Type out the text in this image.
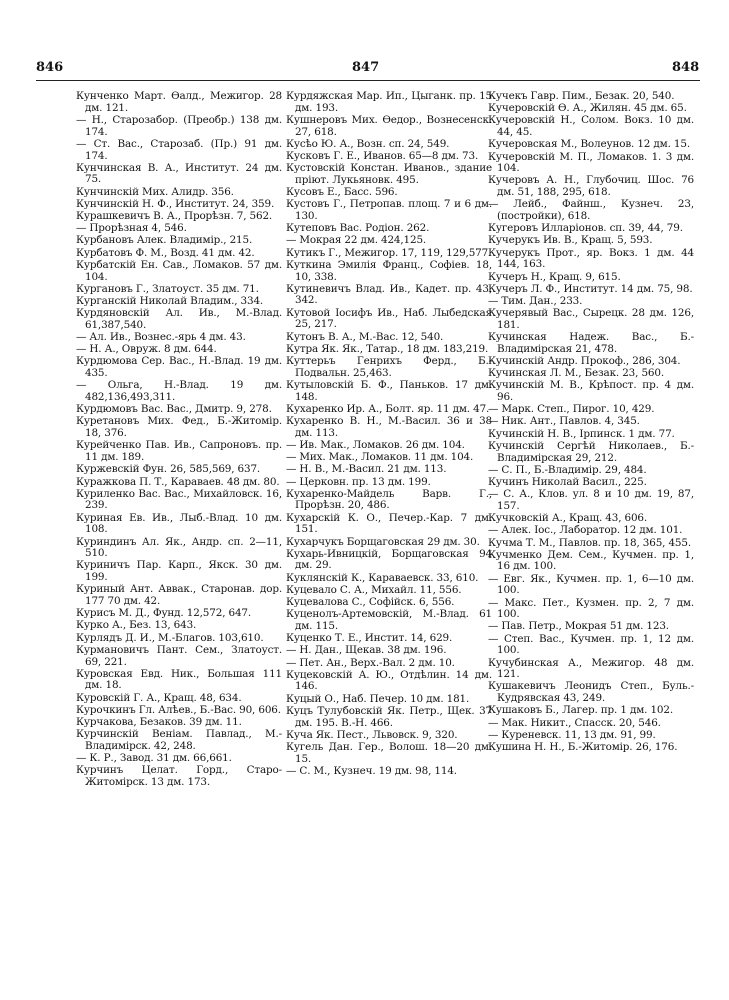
846	847	848
Кунченко Март. Өалд., Межигор. 28 дм. 121.
— Н., Старозабор. (Преобр.) 138 дм. 174.
— Ст. Вас., Старозаб. (Пр.) 91 дм. 174.
Кунчинская В. А., Институт. 24 дм. 75.
Кунчинскій Мих. Алидр. 356.
Кунчинскій Н. Ф., Институт. 24, 359.
Курашкевичъ В. А., Прорѣзн. 7, 562.
— Прорѣзная 4, 546.
Курбановъ Алек. Владимір., 215.
Курбатовъ Ф. М., Возд. 41 дм. 42.
Курбатскій Ен. Сав., Ломаков. 57 дм. 104.
Кургановъ Г., Златоуст. 35 дм. 71.
Курганскій Николай Владим., 334.
Курдяновскій Ал. Ив., М.-Влад. 61,387,540.
— Ал. Ив., Вознес.-ярь 4 дм. 43.
— Н. А., Овруж. 8 дм. 644.
Курдюмова Сер. Вас., Н.-Влад. 19 дм. 435.
— Ольга, Н.-Влад. 19 дм. 482,136,493,311.
Курдюмовъ Вас. Вас., Дмитр. 9, 278.
Куретановъ Мих. Фед., Б.-Житомір. 18, 376.
Курейченко Пав. Ив., Сапроновъ. пр. 11 дм. 189.
Куржевскій Фун. 26, 585,569, 637.
Куражкова П. Т., Караваев. 48 дм. 80.
Куриленко Вас. Вас., Михайловск. 16, 239.
Куриная Ев. Ив., Лыб.-Влад. 10 дм. 108.
Куриндинъ Ал. Як., Андр. сп. 2—11, 510.
Куриничъ Пар. Карп., Якск. 30 дм. 199.
Куриный Ант. Аввак., Старонав. дор. 177 70 дм. 42.
Курисъ М. Д., Фунд. 12,572, 647.
Курко А., Без. 13, 643.
Курлядъ Д. И., М.-Благов. 103,610.
Курмановичъ Пант. Сем., Златоуст. 69, 221.
Куровская Евд. Ник., Большая 111 дм. 18.
Куровскій Г. А., Кращ. 48, 634.
Курочкинъ Гл. Алѣев., Б.-Вас. 90, 606.
Курчакова, Безаков. 39 дм. 11.
Курчинскій Венiам. Павлад., М.-Владимірск. 42, 248.
— К. Р., Завод. 31 дм. 66,661.
Курчинъ Целат. Горд., Старо-Житомірск. 13 дм. 173.
Курдяжская Мар. Ип., Цыганк. пр. 15 дм. 193.
Кушнеровъ Мих. Өедор., Вознесенск. 27, 618.
Кусѣо Ю. А., Возн. сп. 24, 549.
Кусковъ Г. Е., Иванов. 65—8 дм. 73.
Кустовскій Констан. Иванов., здание пріют. Лукьяновк. 495.
Кусовъ Е., Басс. 596.
Кустовъ Г., Петропав. площ. 7 и 6 дм. 130.
Кутеповъ Вас. Родіон. 262.
— Мокрая 22 дм. 424,125.
Кутикъ Г., Межигор. 17, 119, 129,577.
Куткина Эмилія Франц., Софіев. 18, 10, 338.
Кутиневичъ Влад. Ив., Кадет. пр. 43, 342.
Кутовой Іосифъ Ив., Наб. Лыбедская 25, 217.
Кутонъ В. А., М.-Вас. 12, 540.
Кутра Як. Як., Татар., 18 дм. 183,219.
Куттерьъ Генрихъ Ферд., Б.-Подвальн. 25,463.
Кутыловскій Б. Ф., Паньков. 17 дм. 148.
Кухаренко Ир. А., Болт. яр. 11 дм. 47.
Кухаренко В. Н., М.-Васил. 36 и 38 дм. 113.
— Ив. Мак., Ломаков. 26 дм. 104.
— Мих. Мак., Ломаков. 11 дм. 104.
— Н. В., М.-Васил. 21 дм. 113.
— Церковн. пр. 13 дм. 199.
Кухаренко-Майдель Варв. Г., Прорѣзн. 20, 486.
Кухарскій К. О., Печер.-Кар. 7 дм. 151.
Кухарчукъ Борщаговская 29 дм. 30.
Кухарь-Ивницкій, Борщаговская 94 дм. 29.
Куклянскій К., Караваевск. 33, 610.
Куцевало С. А., Михайл. 11, 556.
Куцевалова С., Софійск. 6, 556.
Куценолъ-Артемовскій, М.-Влад. 61 дм. 115.
Куценко Т. Е., Инстит. 14, 629.
— Н. Дан., Щекав. 38 дм. 196.
— Пет. Ан., Верх.-Вал. 2 дм. 10.
Куцековскій А. Ю., Отдѣлин. 14 дм. 146.
Куцый О., Наб. Печер. 10 дм. 181.
Куцъ Тулубовскій Як. Петр., Щек. 37 дм. 195. В.-Н. 466.
Куча Як. Пест., Львовск. 9, 320.
Кугель Дан. Гер., Волош. 18—20 дм. 15.
— С. М., Кузнеч. 19 дм. 98, 114.
Кучекъ Гавр. Пим., Безак. 20, 540.
Кучеровскій Ѳ. А., Жилян. 45 дм. 65.
Кучеровскій Н., Солом. Вокз. 10 дм. 44, 45.
Кучеровская М., Волеунов. 12 дм. 15.
Кучеровскій М. П., Ломаков. 1. 3 дм. 104.
Кучеровъ А. Н., Глубочиц. Шос. 76 дм. 51, 188, 295, 618.
— Лейб., Файнш., Кузнеч. 23, (постройки), 618.
Кугеровъ Илларіонов. сп. 39, 44, 79.
Кучерукъ Ив. В., Кращ. 5, 593.
Кучерукъ Прот., яр. Вокз. 1 дм. 44 144, 163.
Кучеръ Н., Кращ. 9, 615.
Кучеръ Л. Ф., Институт. 14 дм. 75, 98.
— Тим. Дан., 233.
Кучерявый Вас., Сырецк. 28 дм. 126, 181.
Кучинская Надеж. Вас., Б.-Владимірская 21, 478.
Кучинскій Андр. Прокоф., 286, 304.
Кучинская Л. М., Безак. 23, 560.
Кучинскій М. В., Крѣпост. пр. 4 дм. 96.
— Марк. Степ., Пирог. 10, 429.
— Ник. Ант., Павлов. 4, 345.
Кучинскій Н. В., Ірпинск. 1 дм. 77.
Кучинскій Сергѣй Николаев., Б.-Владимірская 29, 212.
— С. П., Б.-Владимір. 29, 484.
Кучинъ Николай Васил., 225.
— С. А., Клов. ул. 8 и 10 дм. 19, 87, 157.
Кучковскій А., Кращ. 43, 606.
— Алек. Іос., Лаборатор. 12 дм. 101.
Кучма Т. М., Павлов. пр. 18, 365, 455.
Кучменко Дем. Сем., Кучмен. пр. 1, 16 дм. 100.
— Евг. Як., Кучмен. пр. 1, 6—10 дм. 100.
— Макс. Пет., Кузмен. пр. 2, 7 дм. 100.
— Пав. Петр., Мокрая 51 дм. 123.
— Степ. Вас., Кучмен. пр. 1, 12 дм. 100.
Кучубинская А., Межигор. 48 дм. 121.
Кушакевичъ Леонидъ Степ., Буль.-Кудрявская 43, 249.
Кушаковъ Б., Лагер. пр. 1 дм. 102.
— Мак. Никит., Спасск. 20, 546.
— Куреневск. 11, 13 дм. 91, 99.
Кушина Н. Н., Б.-Житомір. 26, 176.
